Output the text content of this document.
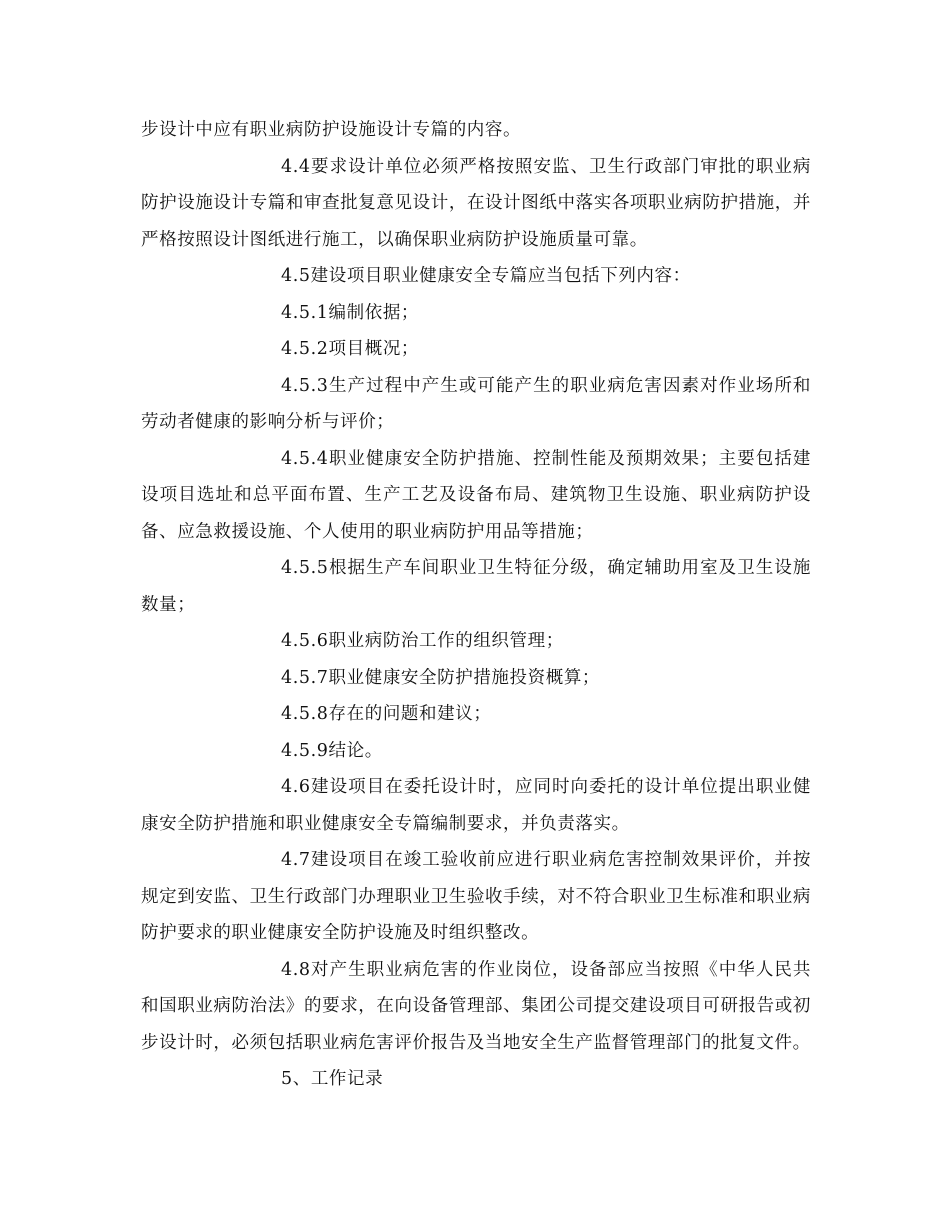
步设计中应有职业病防护设施设计专篇的内容。

4.4要求设计单位必须严格按照安监、卫生行政部门审批的职业病防护设施设计专篇和审查批复意见设计，在设计图纸中落实各项职业病防护措施，并严格按照设计图纸进行施工，以确保职业病防护设施质量可靠。

4.5建设项目职业健康安全专篇应当包括下列内容：

4.5.1编制依据；

4.5.2项目概况；

4.5.3生产过程中产生或可能产生的职业病危害因素对作业场所和劳动者健康的影响分析与评价；

4.5.4职业健康安全防护措施、控制性能及预期效果；主要包括建设项目选址和总平面布置、生产工艺及设备布局、建筑物卫生设施、职业病防护设备、应急救援设施、个人使用的职业病防护用品等措施；

4.5.5根据生产车间职业卫生特征分级，确定辅助用室及卫生设施数量；

4.5.6职业病防治工作的组织管理；

4.5.7职业健康安全防护措施投资概算；

4.5.8存在的问题和建议；

4.5.9结论。

4.6建设项目在委托设计时，应同时向委托的设计单位提出职业健康安全防护措施和职业健康安全专篇编制要求，并负责落实。

4.7建设项目在竣工验收前应进行职业病危害控制效果评价，并按规定到安监、卫生行政部门办理职业卫生验收手续，对不符合职业卫生标准和职业病防护要求的职业健康安全防护设施及时组织整改。

4.8对产生职业病危害的作业岗位，设备部应当按照《中华人民共和国职业病防治法》的要求，在向设备管理部、集团公司提交建设项目可研报告或初步设计时，必须包括职业病危害评价报告及当地安全生产监督管理部门的批复文件。

5、工作记录
